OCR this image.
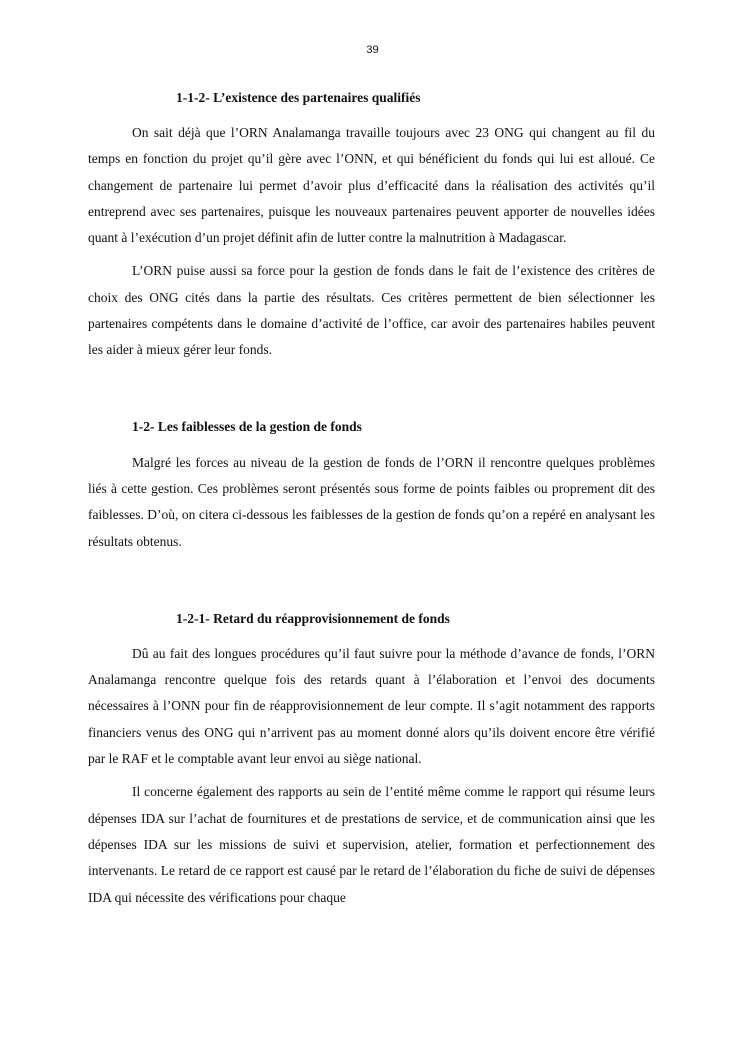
39
1-1-2- L’existence des partenaires qualifiés

On sait déjà que l’ORN Analamanga travaille toujours avec 23 ONG qui changent au fil du temps en fonction du projet qu’il gère avec l’ONN, et qui bénéficient du fonds qui lui est alloué. Ce changement de partenaire lui permet d’avoir plus d’efficacité dans la réalisation des activités qu’il entreprend avec ses partenaires, puisque les nouveaux partenaires peuvent apporter de nouvelles idées quant à l’exécution d’un projet définit afin de lutter contre la malnutrition à Madagascar.

L’ORN puise aussi sa force pour la gestion de fonds dans le fait de l’existence des critères de choix des ONG cités dans la partie des résultats. Ces critères permettent de bien sélectionner les partenaires compétents dans le domaine d’activité de l’office, car avoir des partenaires habiles peuvent les aider à mieux gérer leur fonds.

1-2- Les faiblesses de la gestion de fonds

Malgré les forces au niveau de la gestion de fonds de l’ORN il rencontre quelques problèmes liés à cette gestion. Ces problèmes seront présentés sous forme de points faibles ou proprement dit des faiblesses. D’où, on citera ci-dessous les faiblesses de la gestion de fonds qu’on a repéré en analysant les résultats obtenus.

1-2-1- Retard du réapprovisionnement de fonds

Dû au fait des longues procédures qu’il faut suivre pour la méthode d’avance de fonds, l’ORN Analamanga rencontre quelque fois des retards quant à l’élaboration et l’envoi des documents nécessaires à l’ONN pour fin de réapprovisionnement de leur compte. Il s’agit notamment des rapports financiers venus des ONG qui n’arrivent pas au moment donné alors qu’ils doivent encore être vérifié par le RAF et le comptable avant leur envoi au siège national.

Il concerne également des rapports au sein de l’entité même comme le rapport qui résume leurs dépenses IDA sur l’achat de fournitures et de prestations de service, et de communication ainsi que les dépenses IDA sur les missions de suivi et supervision, atelier, formation et perfectionnement des intervenants. Le retard de ce rapport est causé par le retard de l’élaboration du fiche de suivi de dépenses IDA qui nécessite des vérifications pour chaque
